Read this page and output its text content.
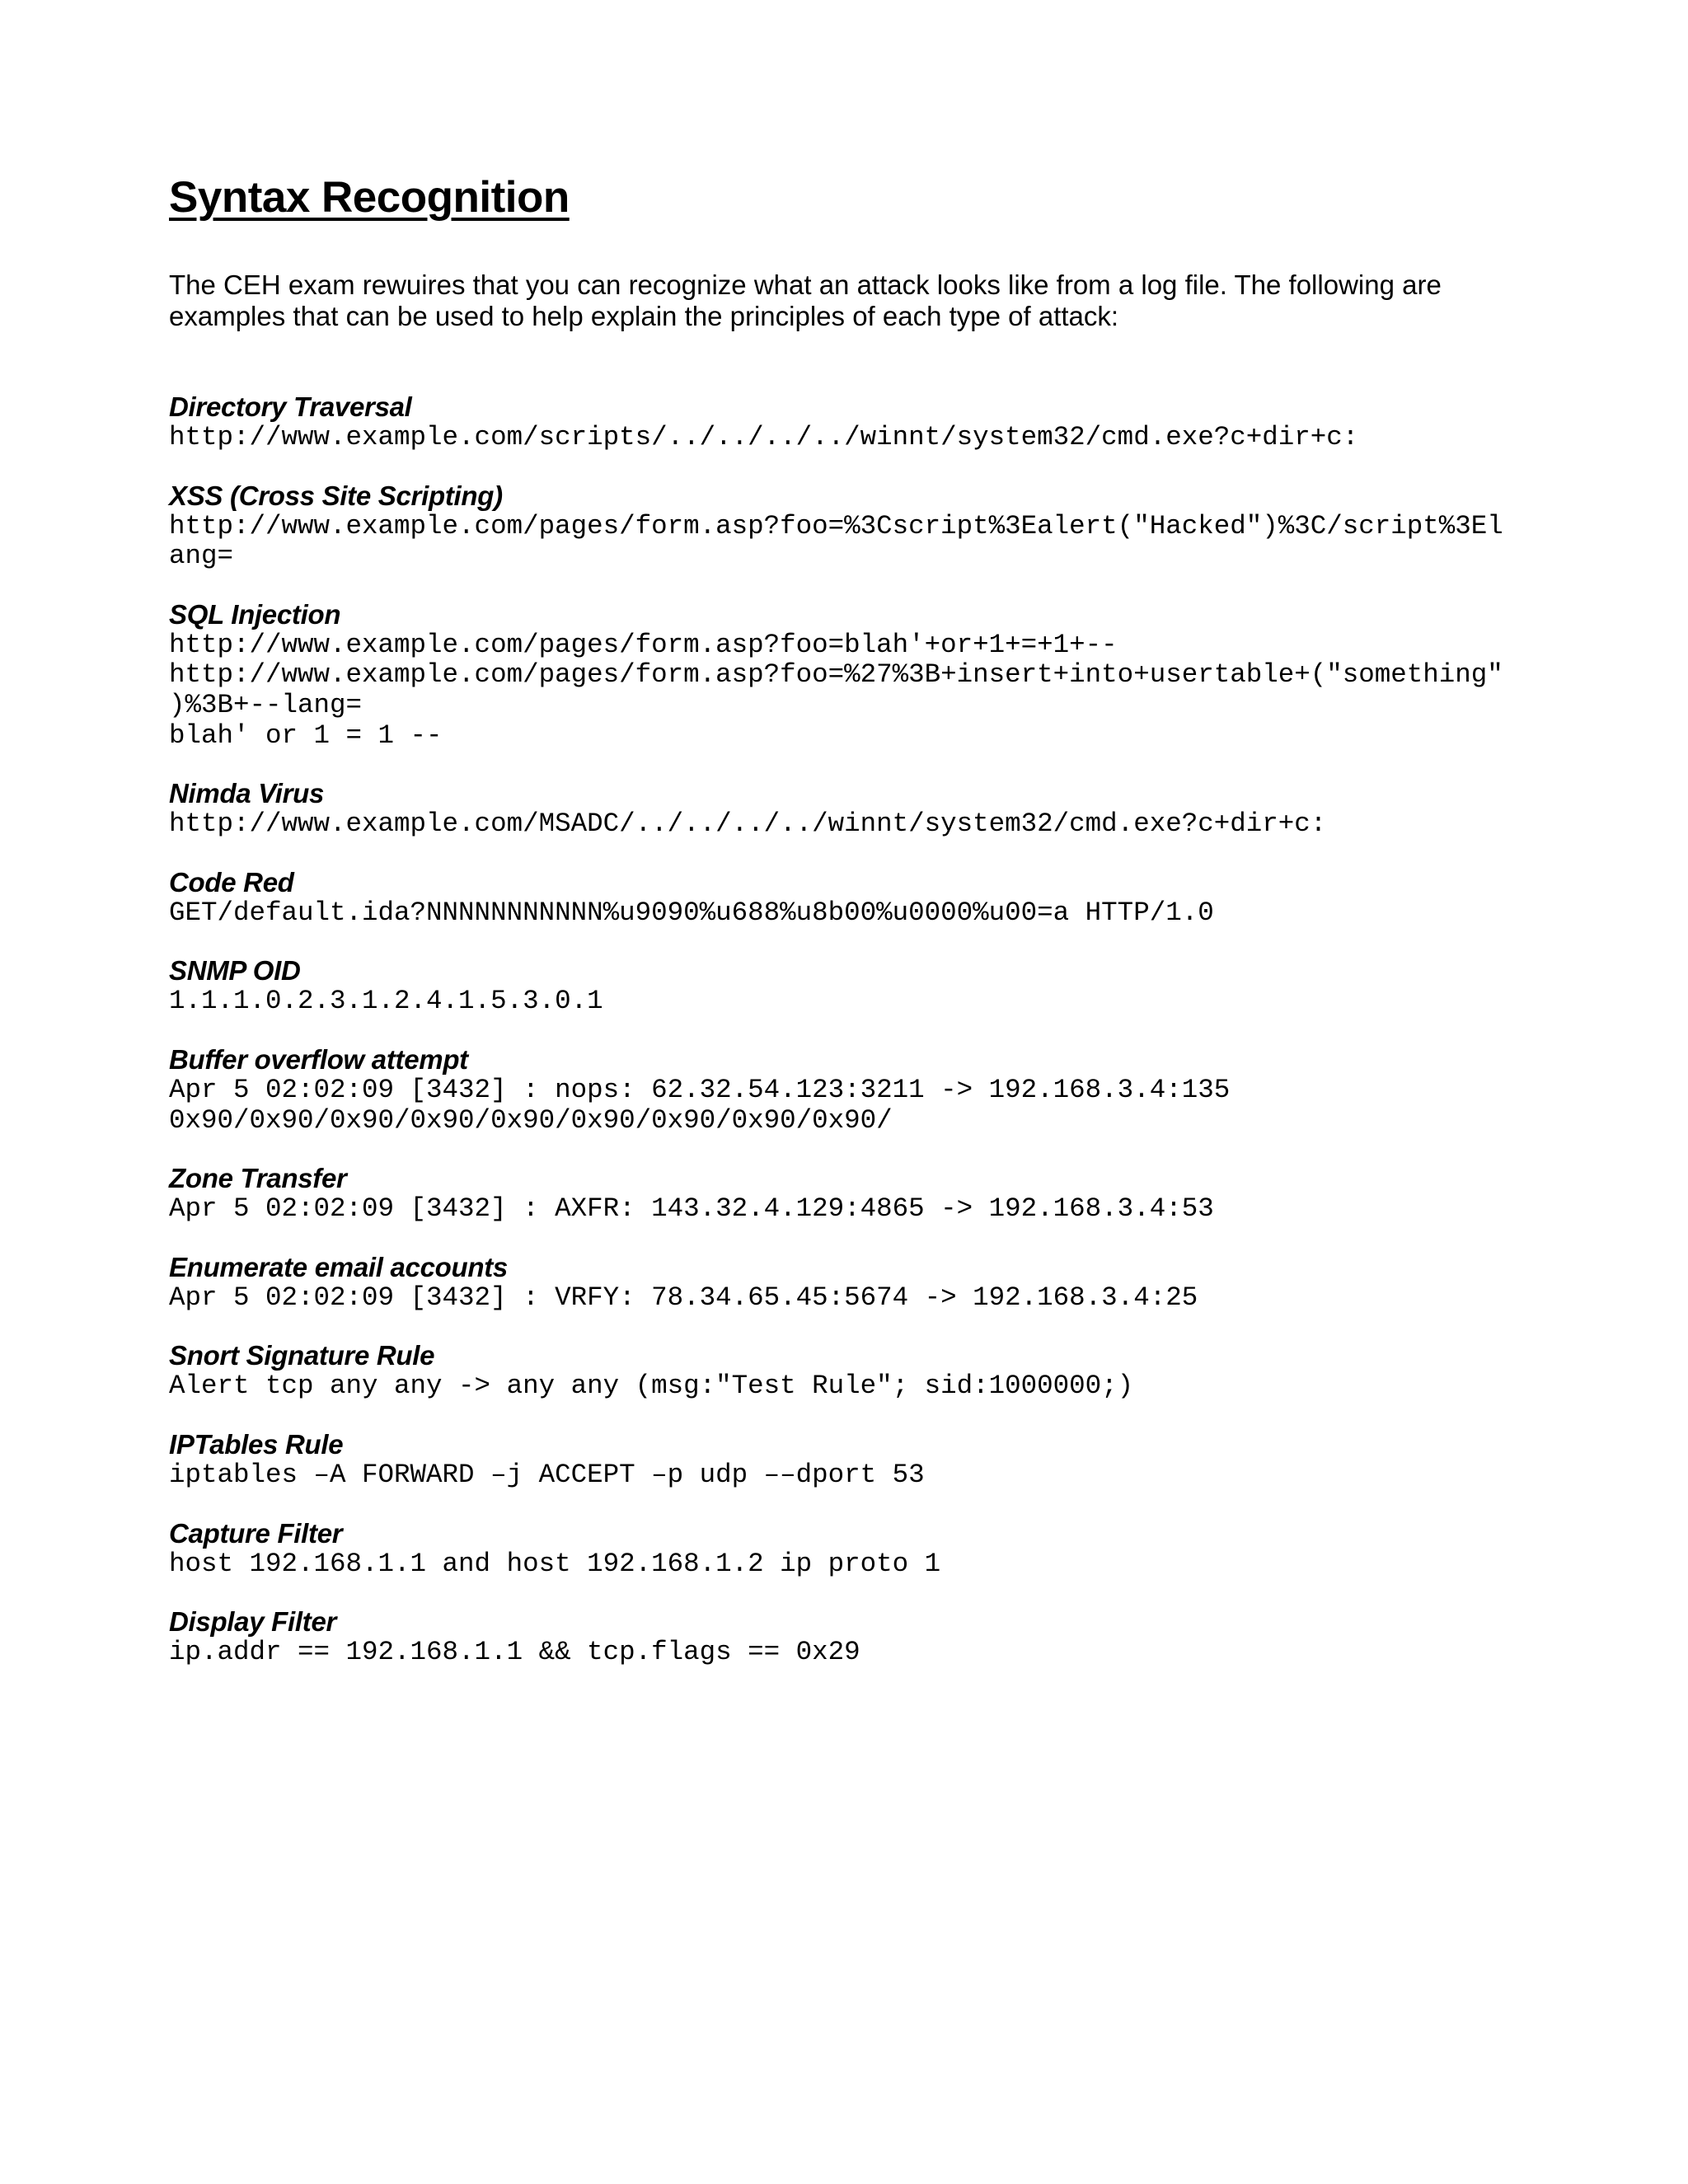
Syntax Recognition

The CEH exam rewuires that you can recognize what an attack looks like from a log file. The following are
examples that can be used to help explain the principles of each type of attack:

Directory Traversal
http://www.example.com/scripts/../../../../winnt/system32/cmd.exe?c+dir+c:
XSS (Cross Site Scripting)
http://www.example.com/pages/form.asp?foo=%3Cscript%3Ealert("Hacked")%3C/script%3El
ang=
SQL Injection
http://www.example.com/pages/form.asp?foo=blah'+or+1+=+1+--
http://www.example.com/pages/form.asp?foo=%27%3B+insert+into+usertable+("something"
)%3B+--lang=
blah' or 1 = 1 --
Nimda Virus
http://www.example.com/MSADC/../../../../winnt/system32/cmd.exe?c+dir+c:
Code Red
GET/default.ida?NNNNNNNNNNN%u9090%u688%u8b00%u0000%u00=a HTTP/1.0
SNMP OID
1.1.1.0.2.3.1.2.4.1.5.3.0.1
Buffer overflow attempt
Apr 5 02:02:09 [3432] : nops: 62.32.54.123:3211 -> 192.168.3.4:135
0x90/0x90/0x90/0x90/0x90/0x90/0x90/0x90/0x90/
Zone Transfer
Apr 5 02:02:09 [3432] : AXFR: 143.32.4.129:4865 -> 192.168.3.4:53
Enumerate email accounts
Apr 5 02:02:09 [3432] : VRFY: 78.34.65.45:5674 -> 192.168.3.4:25
Snort Signature Rule
Alert tcp any any -> any any (msg:"Test Rule"; sid:1000000;)
IPTables Rule
iptables –A FORWARD –j ACCEPT –p udp ––dport 53
Capture Filter
host 192.168.1.1 and host 192.168.1.2 ip proto 1
Display Filter
ip.addr == 192.168.1.1 && tcp.flags == 0x29
